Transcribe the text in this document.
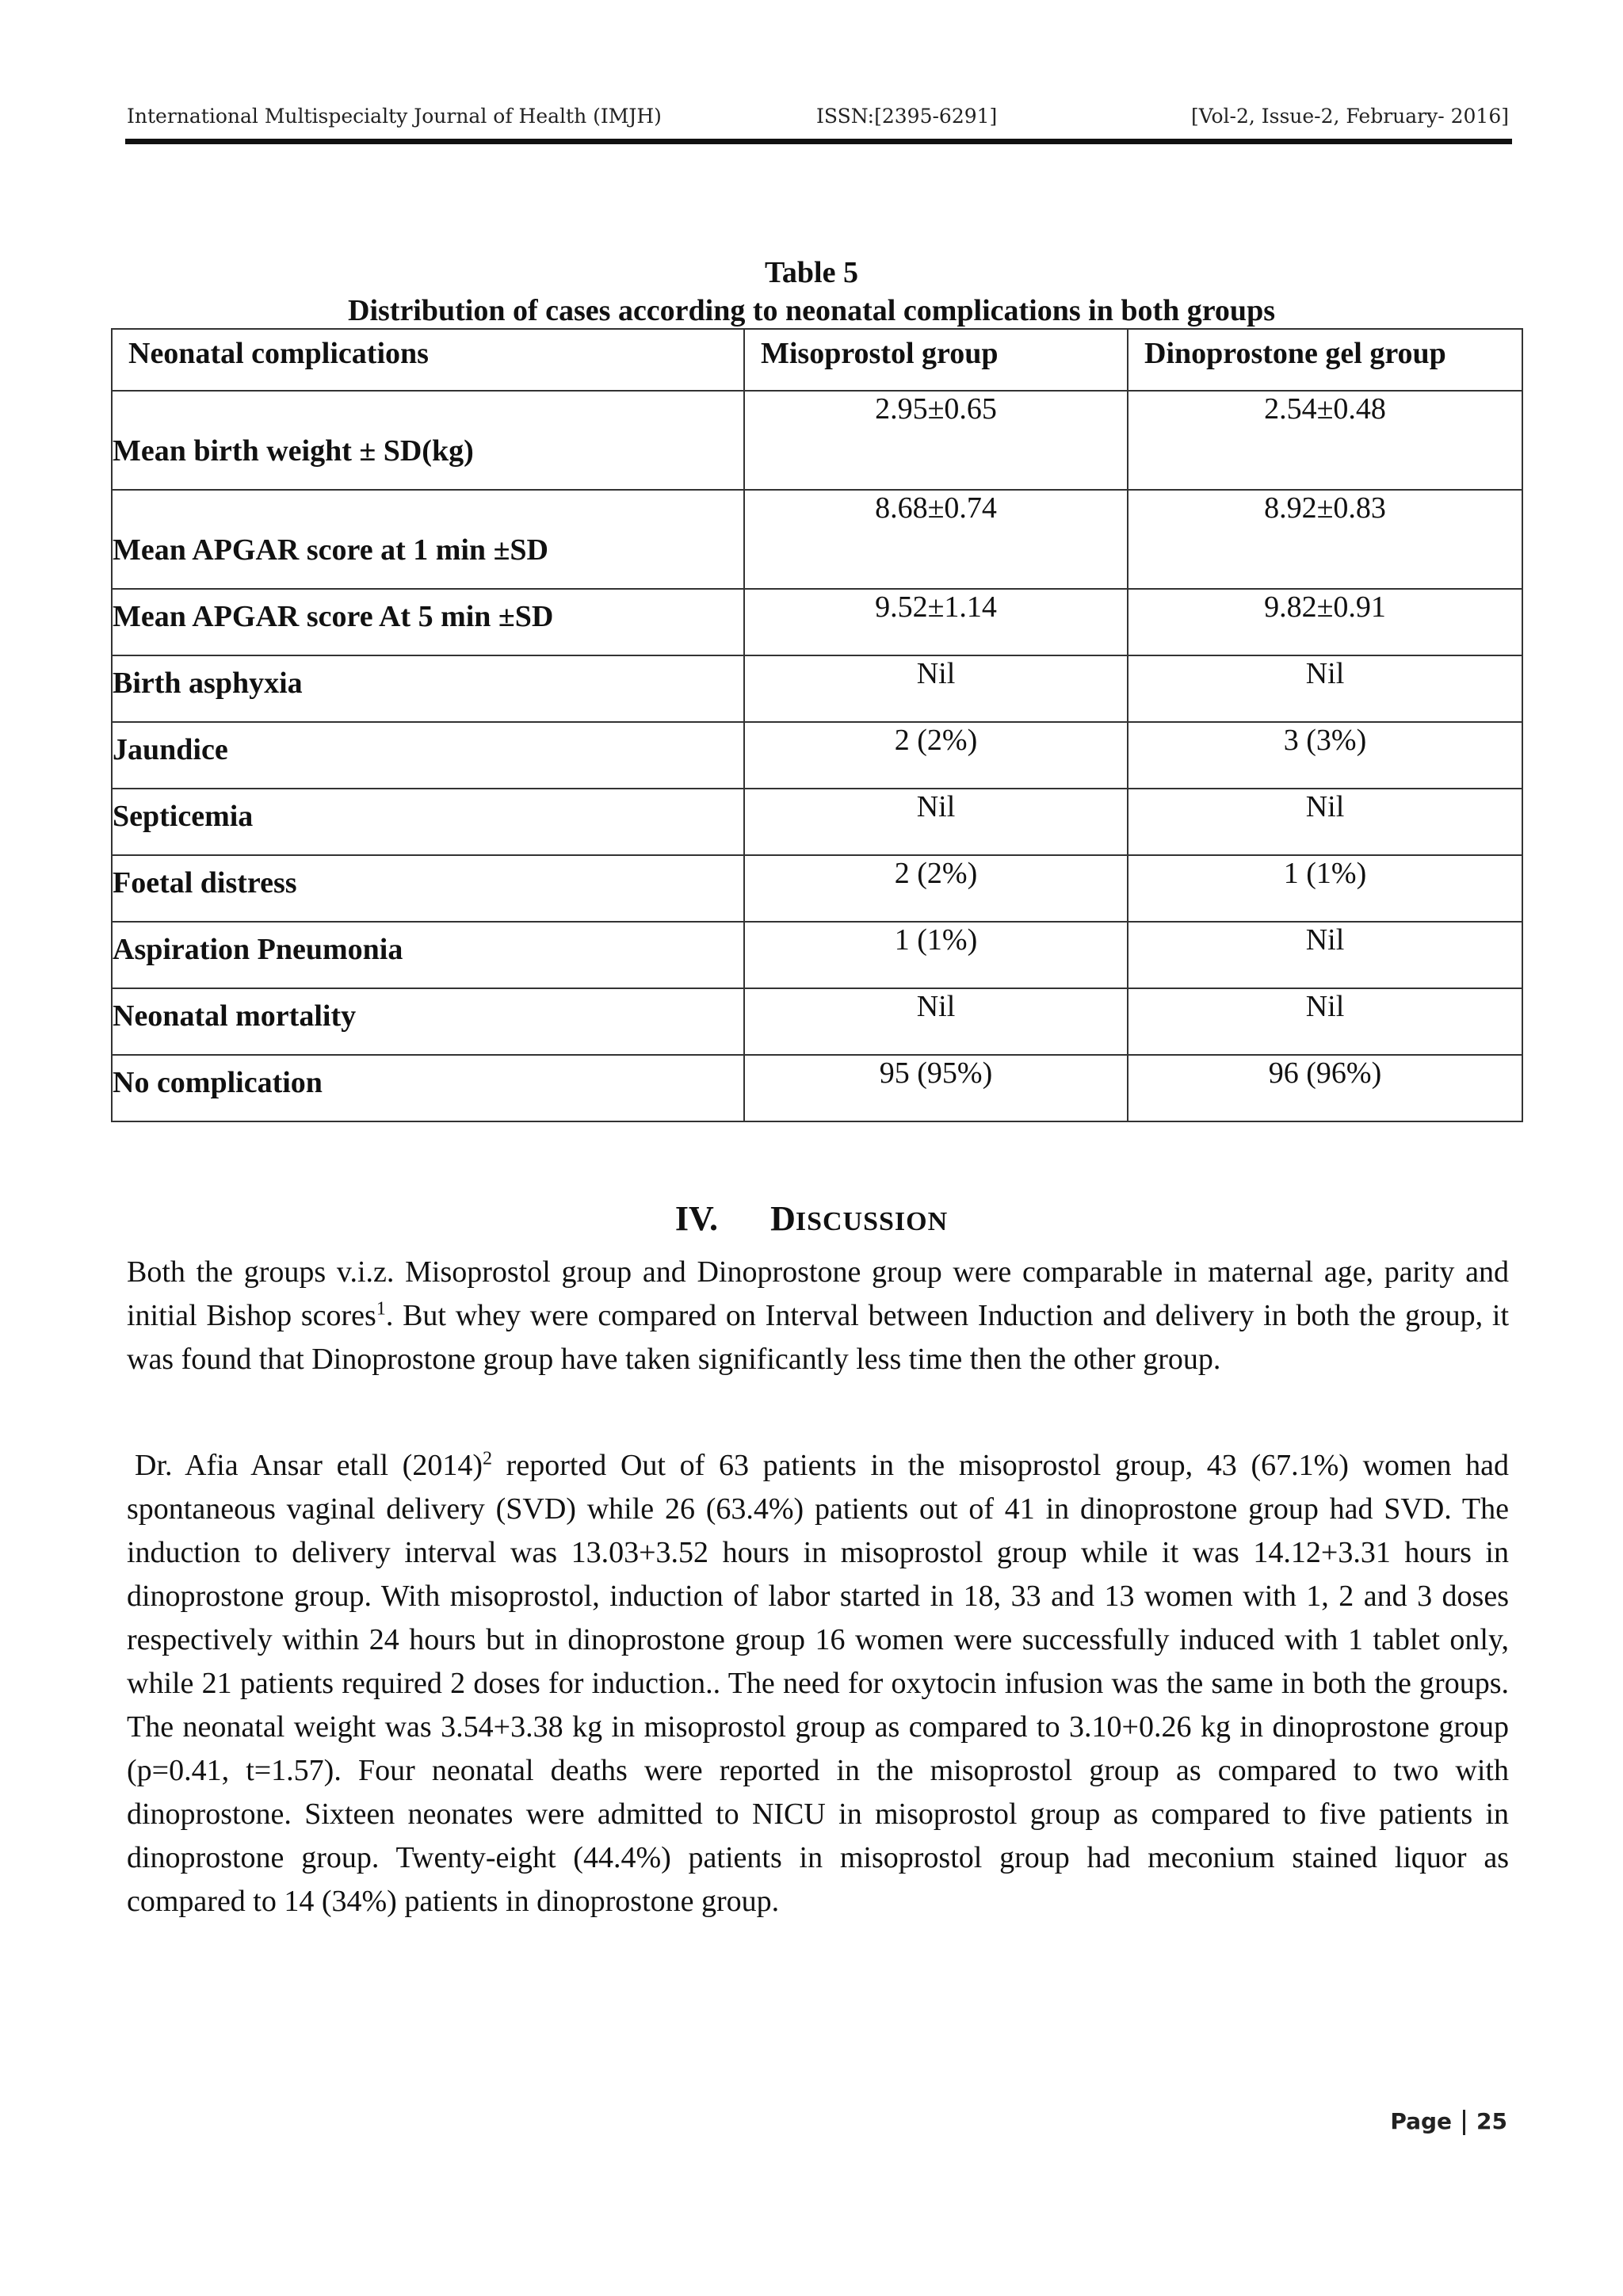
International Multispecialty Journal of Health (IMJH)	ISSN:[2395-6291]	[Vol-2, Issue-2, February- 2016]
Table 5
Distribution of cases according to neonatal complications in both groups
Neonatal complications	Misoprostol group	Dinoprostone gel group
Mean birth weight ± SD(kg)	2.95±0.65	2.54±0.48
Mean APGAR score at 1 min ±SD	8.68±0.74	8.92±0.83
Mean APGAR score At 5 min ±SD	9.52±1.14	9.82±0.91
Birth asphyxia	Nil	Nil
Jaundice	2 (2%)	3 (3%)
Septicemia	Nil	Nil
Foetal distress	2 (2%)	1 (1%)
Aspiration Pneumonia	1 (1%)	Nil
Neonatal mortality	Nil	Nil
No complication	95 (95%)	96 (96%)
IV. DISCUSSION
Both the groups v.i.z. Misoprostol group and Dinoprostone group were comparable in maternal age, parity and initial Bishop scores$^1$. But whey were compared on Interval between Induction and delivery in both the group, it was found that Dinoprostone group have taken significantly less time then the other group.
Dr. Afia Ansar etall $(2014)^2$ reported Out of 63 patients in the misoprostol group, 43 (67.1%) women had spontaneous vaginal delivery (SVD) while 26 (63.4%) patients out of 41 in dinoprostone group had SVD. The induction to delivery interval was 13.03+3.52 hours in misoprostol group while it was 14.12+3.31 hours in dinoprostone group. With misoprostol, induction of labor started in 18, 33 and 13 women with 1, 2 and 3 doses respectively within 24 hours but in dinoprostone group 16 women were successfully induced with 1 tablet only, while 21 patients required 2 doses for induction.. The need for oxytocin infusion was the same in both the groups. The neonatal weight was 3.54+3.38 kg in misoprostol group as compared to 3.10+0.26 kg in dinoprostone group (p=0.41, t=1.57). Four neonatal deaths were reported in the misoprostol group as compared to two with dinoprostone. Sixteen neonates were admitted to NICU in misoprostol group as compared to five patients in dinoprostone group. Twenty-eight (44.4%) patients in misoprostol group had meconium stained liquor as compared to 14 (34%) patients in dinoprostone group.
Page 25
